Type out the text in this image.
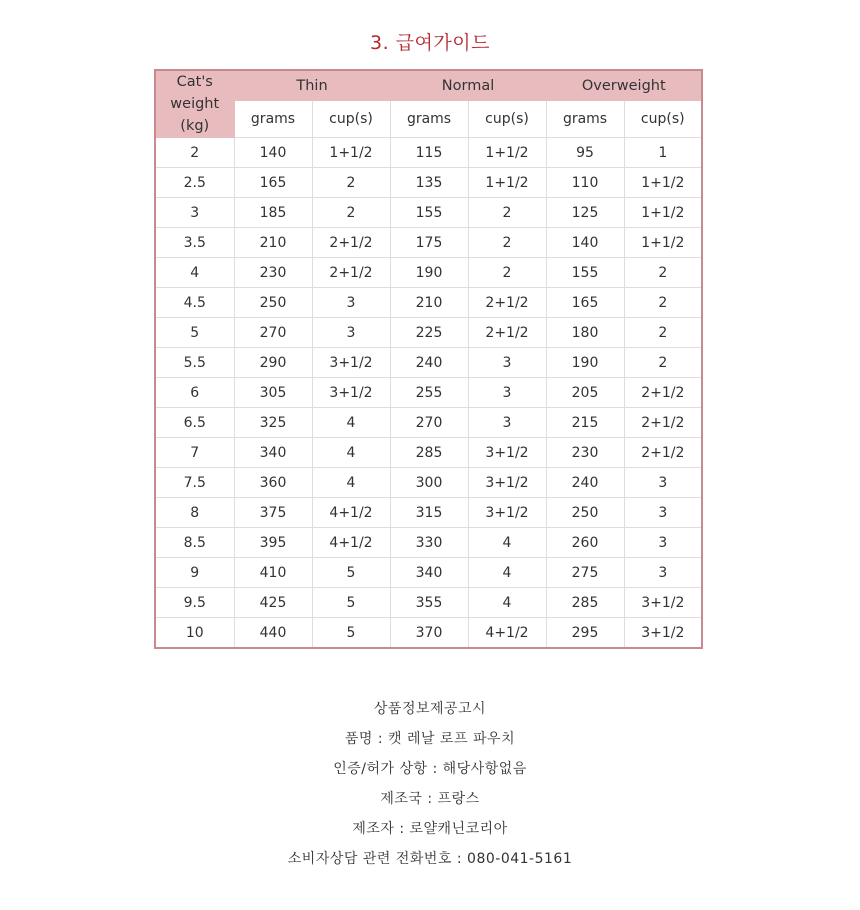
3. 급여가이드
Cat's
weight
(kg)	Thin		Normal		Overweight	
	grams	cup(s)	grams	cup(s)	grams	cup(s)
2	140	1+1/2	115	1+1/2	95	1
2.5	165	2	135	1+1/2	110	1+1/2
3	185	2	155	2	125	1+1/2
3.5	210	2+1/2	175	2	140	1+1/2
4	230	2+1/2	190	2	155	2
4.5	250	3	210	2+1/2	165	2
5	270	3	225	2+1/2	180	2
5.5	290	3+1/2	240	3	190	2
6	305	3+1/2	255	3	205	2+1/2
6.5	325	4	270	3	215	2+1/2
7	340	4	285	3+1/2	230	2+1/2
7.5	360	4	300	3+1/2	240	3
8	375	4+1/2	315	3+1/2	250	3
8.5	395	4+1/2	330	4	260	3
9	410	5	340	4	275	3
9.5	425	5	355	4	285	3+1/2
10	440	5	370	4+1/2	295	3+1/2
상품정보제공고시
품명 : 캣 레날 로프 파우치
인증/허가 상항 : 해당사항없음
제조국 : 프랑스
제조자 : 로얄캐닌코리아
소비자상담 관련 전화번호 : 080-041-5161
